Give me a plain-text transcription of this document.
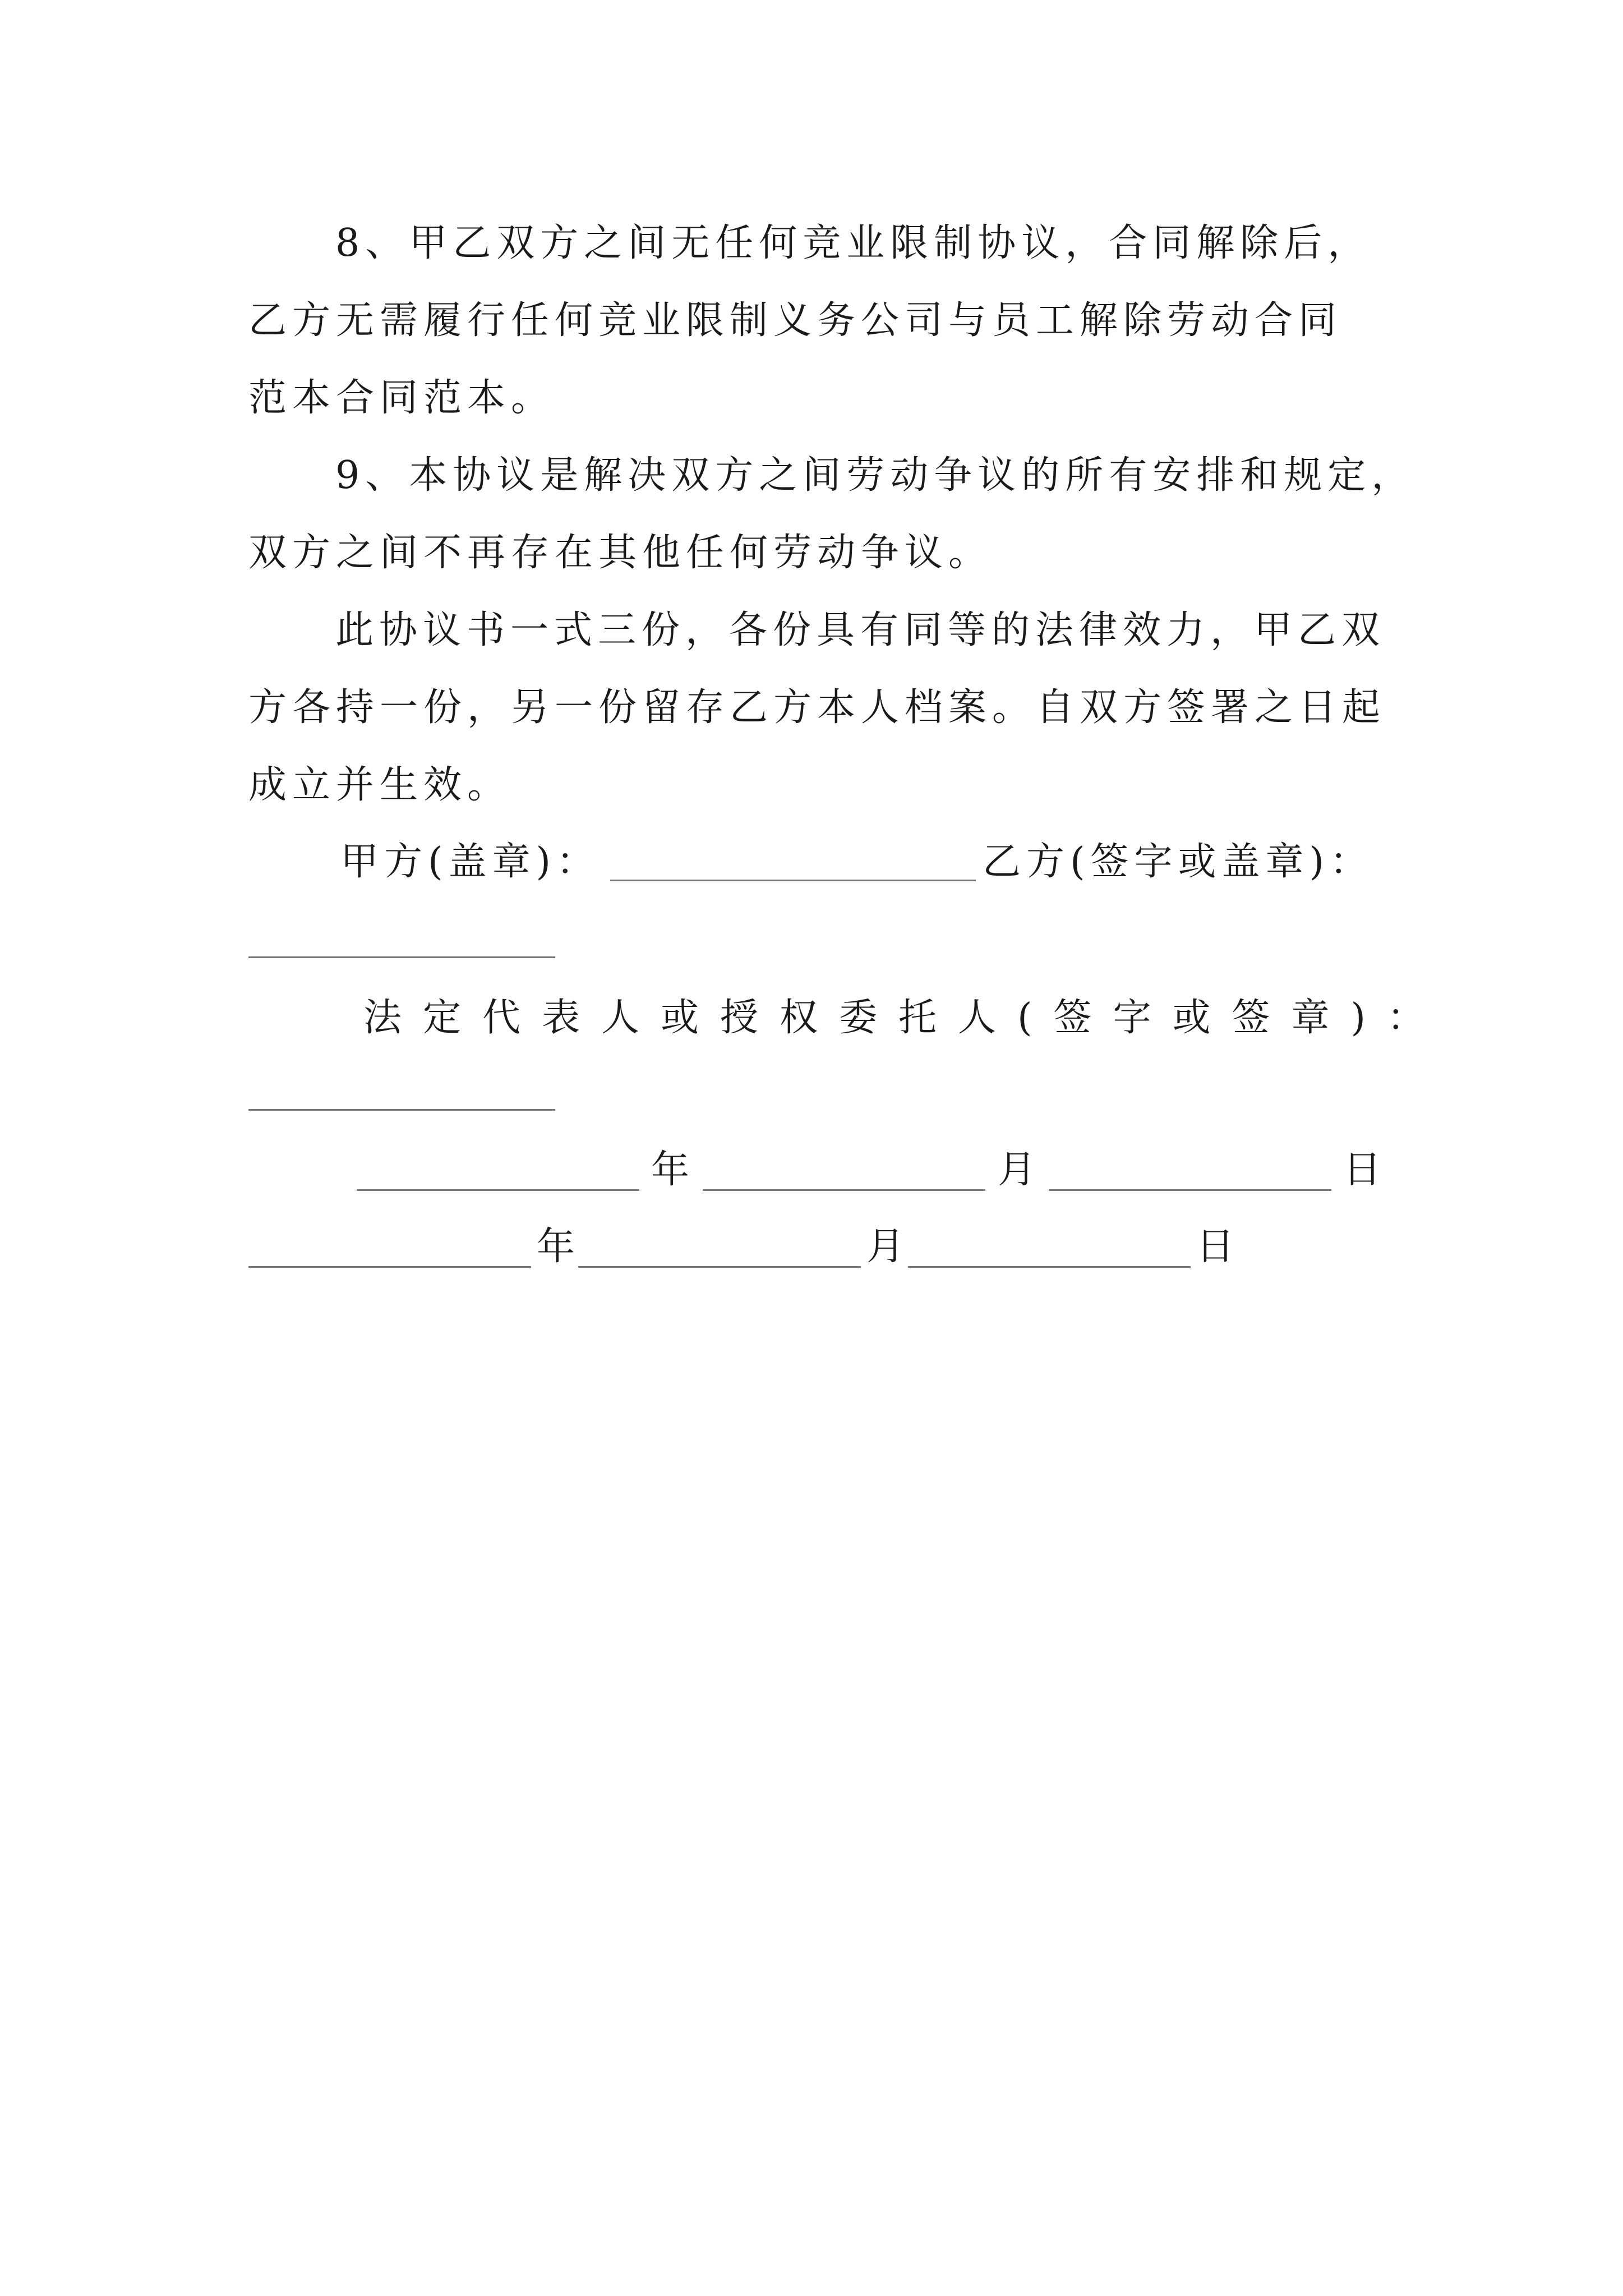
8、甲乙双方之间无任何竞业限制协议，合同解除后，
乙方无需履行任何竞业限制义务公司与员工解除劳动合同
范本合同范本。
9、本协议是解决双方之间劳动争议的所有安排和规定，
双方之间不再存在其他任何劳动争议。
此协议书一式三份，各份具有同等的法律效力，甲乙双
方各持一份，另一份留存乙方本人档案。自双方签署之日起
成立并生效。
甲方(盖章)：	乙方(签字或盖章)：
法定代表人或授权委托人(签字或签章)：
年	月	日
年	月	日
